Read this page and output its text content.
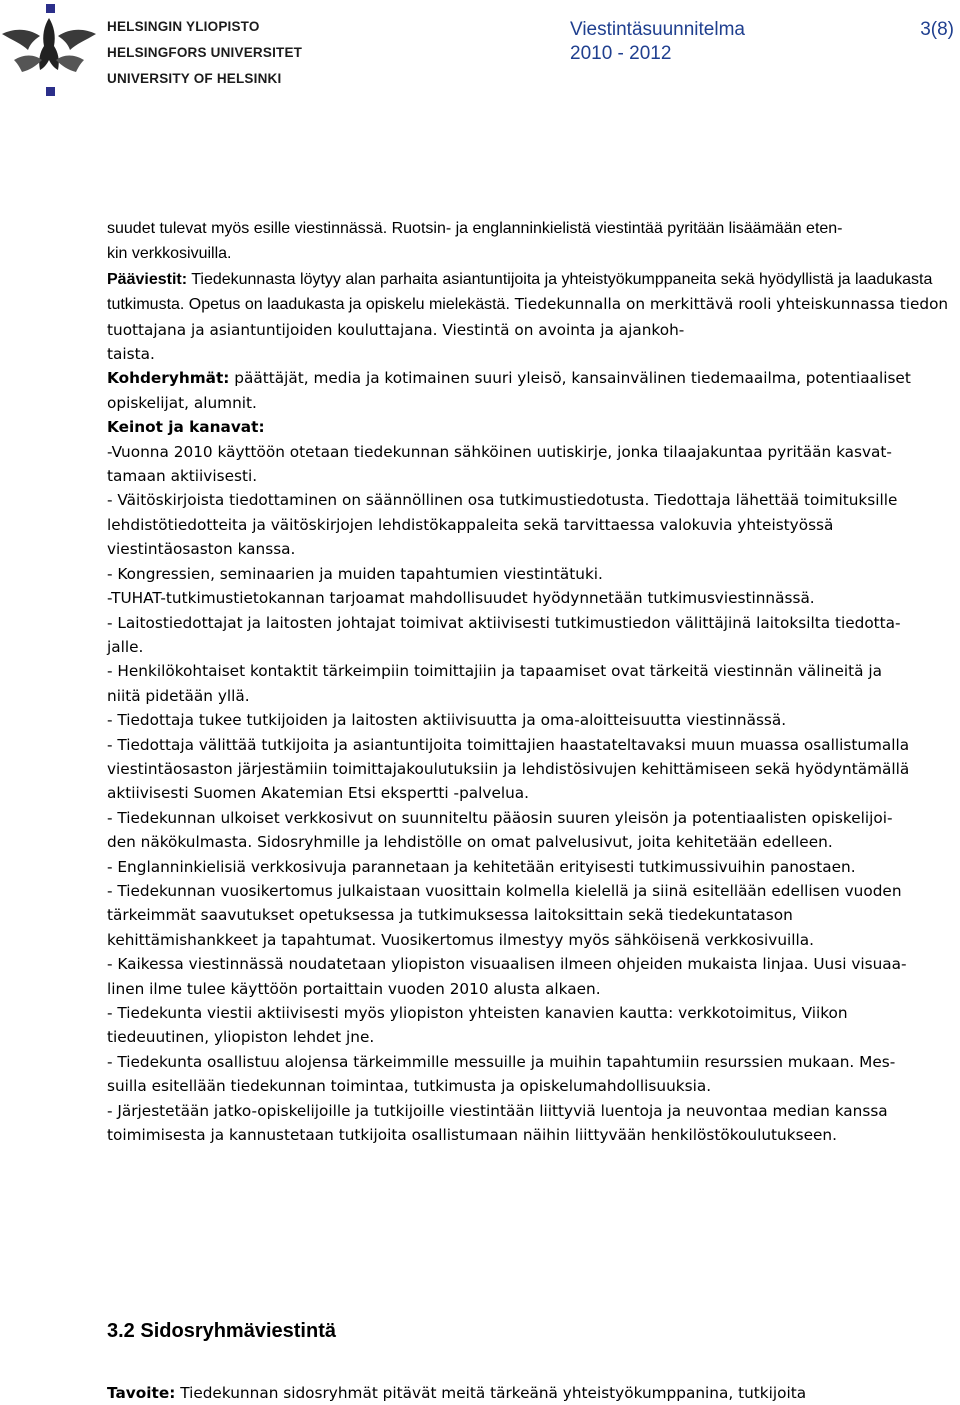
HELSINGIN YLIOPISTO
HELSINGFORS UNIVERSITET
UNIVERSITY OF HELSINKI
Viestintäsuunnitelma
2010 - 2012
3(8)

suudet tulevat myös esille viestinnässä. Ruotsin- ja englanninkielistä viestintää pyritään lisäämään eten-
kin verkkosivuilla.

Pääviestit: Tiedekunnasta löytyy alan parhaita asiantuntijoita ja yhteistyökumppaneita sekä hyödyllistä ja laadukasta tutkimusta. Opetus on laadukasta ja opiskelu mielekästä. Tiedekunnalla on merkittävä rooli yhteiskunnassa tiedon tuottajana ja asiantuntijoiden kouluttajana. Viestintä on avointa ja ajankoh-
taista.

Kohderyhmät: päättäjät, media ja kotimainen suuri yleisö, kansainvälinen tiedemaailma, potentiaaliset
opiskelijat, alumnit.

Keinot ja kanavat:

-Vuonna 2010 käyttöön otetaan tiedekunnan sähköinen uutiskirje, jonka tilaajakuntaa pyritään kasvat-
tamaan aktiivisesti.

- Väitöskirjoista tiedottaminen on säännöllinen osa tutkimustiedotusta. Tiedottaja lähettää toimituksille
lehdistötiedotteita ja väitöskirjojen lehdistökappaleita sekä tarvittaessa valokuvia yhteistyössä
viestintäosaston kanssa.

- Kongressien, seminaarien ja muiden tapahtumien viestintätuki.

-TUHAT-tutkimustietokannan tarjoamat mahdollisuudet hyödynnetään tutkimusviestinnässä.

- Laitostiedottajat ja laitosten johtajat toimivat aktiivisesti tutkimustiedon välittäjinä laitoksilta tiedotta-
jalle.

- Henkilökohtaiset kontaktit tärkeimpiin toimittajiin ja tapaamiset ovat tärkeitä viestinnän välineitä ja
niitä pidetään yllä.

- Tiedottaja tukee tutkijoiden ja laitosten aktiivisuutta ja oma-aloitteisuutta viestinnässä.

- Tiedottaja välittää tutkijoita ja asiantuntijoita toimittajien haastateltavaksi muun muassa osallistumalla
viestintäosaston järjestämiin toimittajakoulutuksiin ja lehdistösivujen kehittämiseen sekä hyödyntämällä
aktiivisesti Suomen Akatemian Etsi ekspertti -palvelua.

- Tiedekunnan ulkoiset verkkosivut on suunniteltu pääosin suuren yleisön ja potentiaalisten opiskelijoi-
den näkökulmasta. Sidosryhmille ja lehdistölle on omat palvelusivut, joita kehitetään edelleen.

- Englanninkielisiä verkkosivuja parannetaan ja kehitetään erityisesti tutkimussivuihin panostaen.

- Tiedekunnan vuosikertomus julkaistaan vuosittain kolmella kielellä ja siinä esitellään edellisen vuoden
tärkeimmät saavutukset opetuksessa ja tutkimuksessa laitoksittain sekä tiedekuntatason
kehittämishankkeet ja tapahtumat. Vuosikertomus ilmestyy myös sähköisenä verkkosivuilla.

- Kaikessa viestinnässä noudatetaan yliopiston visuaalisen ilmeen ohjeiden mukaista linjaa. Uusi visuaa-
linen ilme tulee käyttöön portaittain vuoden 2010 alusta alkaen.

- Tiedekunta viestii aktiivisesti myös yliopiston yhteisten kanavien kautta: verkkotoimitus, Viikon
tiedeuutinen, yliopiston lehdet jne.

- Tiedekunta osallistuu alojensa tärkeimmille messuille ja muihin tapahtumiin resurssien mukaan. Mes-
suilla esitellään tiedekunnan toimintaa, tutkimusta ja opiskelumahdollisuuksia.

- Järjestetään jatko-opiskelijoille ja tutkijoille viestintään liittyviä luentoja ja neuvontaa median kanssa
toimimisesta ja kannustetaan tutkijoita osallistumaan näihin liittyvään henkilöstökoulutukseen.

3.2 Sidosryhmäviestintä
Tavoite: Tiedekunnan sidosryhmät pitävät meitä tärkeänä yhteistyökumppanina, tutkijoita
